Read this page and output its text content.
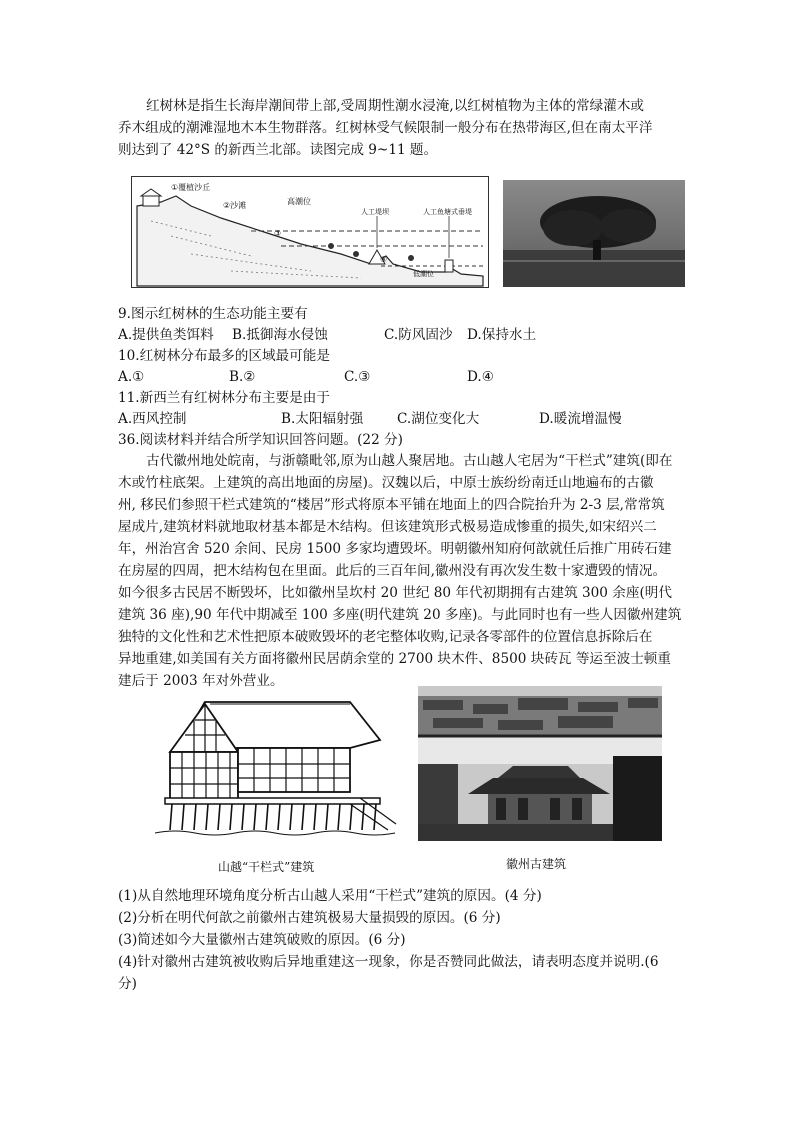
红树林是指生长海岸潮间带上部,受周期性潮水浸淹,以红树植物为主体的常绿灌木或
乔木组成的潮滩湿地木本生物群落。红树林受气候限制一般分布在热带海区,但在南太平洋
则达到了 42°S 的新西兰北部。读图完成 9~11 题。
①覆植沙丘
②沙滩	高潮位
③
人工堤坝
④
人工鱼塘式垂堤
低潮位
9.图示红树林的生态功能主要有
A.提供鱼类饵料 B.抵御海水侵蚀	C.防风固沙 D.保持水土
10.红树林分布最多的区域最可能是
A.①	B.②	C.③	D.④
11.新西兰有红树林分布主要是由于
A.西风控制	B.太阳辐射强 C.湖位变化大	D.暖流增温慢
36.阅读材料并结合所学知识回答问题。(22 分)
古代徽州地处皖南，与浙赣毗邻,原为山越人聚居地。古山越人宅居为“干栏式”建筑(即在
木或竹柱底架。上建筑的高出地面的房屋)。汉魏以后，中原士族纷纷南迁山地遍布的古徽
州, 移民们参照干栏式建筑的“楼居”形式将原本平铺在地面上的四合院抬升为 2-3 层,常常筑
屋成片,建筑材料就地取材基本都是木结构。但该建筑形式极易造成惨重的损失,如宋绍兴二
年，州治宫舍 520 余间、民房 1500 多家均遭毁坏。明朝徽州知府何歆就任后推广用砖石建
在房屋的四周，把木结构包在里面。此后的三百年间,徽州没有再次发生数十家遭毁的情况。
如今很多古民居不断毁坏，比如徽州呈坎村 20 世纪 80 年代初期拥有古建筑 300 余座(明代
建筑 36 座),90 年代中期减至 100 多座(明代建筑 20 多座)。与此同时也有一些人因徽州建筑
独特的文化性和艺术性把原本破败毁坏的老宅整体收购,记录各零部件的位置信息拆除后在
异地重建,如美国有关方面将徽州民居荫余堂的 2700 块木件、8500 块砖瓦 等运至波士顿重
建后于 2003 年对外营业。
山越“干栏式”建筑	徽州古建筑
(1)从自然地理环境角度分析古山越人采用“干栏式”建筑的原因。(4 分)
(2)分析在明代何歆之前徽州古建筑极易大量损毁的原因。(6 分)
(3)简述如今大量徽州古建筑破败的原因。(6 分)
(4)针对徽州古建筑被收购后异地重建这一现象，你是否赞同此做法，请表明态度并说明.(6
分)
